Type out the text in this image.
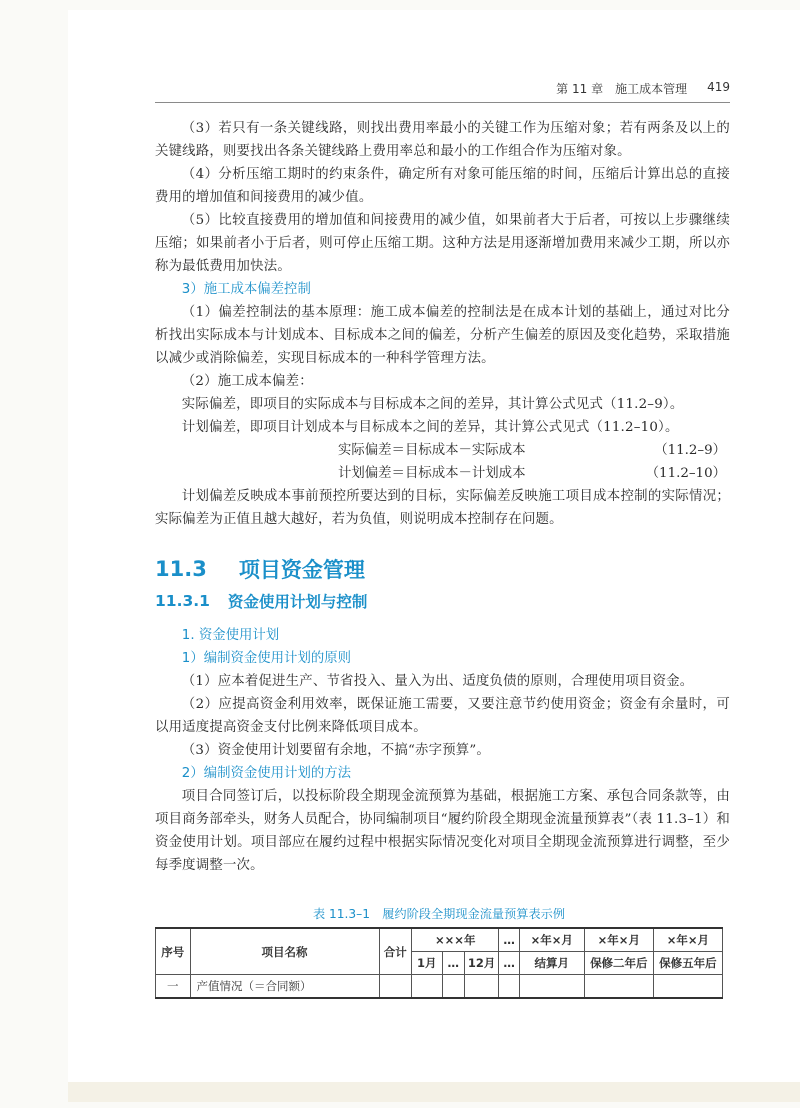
第 11 章 施工成本管理 419

（3）若只有一条关键线路，则找出费用率最小的关键工作为压缩对象；若有两条及以上的关键线路，则要找出各条关键线路上费用率总和最小的工作组合作为压缩对象。

（4）分析压缩工期时的约束条件，确定所有对象可能压缩的时间，压缩后计算出总的直接费用的增加值和间接费用的减少值。

（5）比较直接费用的增加值和间接费用的减少值，如果前者大于后者，可按以上步骤继续压缩；如果前者小于后者，则可停止压缩工期。这种方法是用逐渐增加费用来减少工期，所以亦称为最低费用加快法。

3）施工成本偏差控制

（1）偏差控制法的基本原理：施工成本偏差的控制法是在成本计划的基础上，通过对比分析找出实际成本与计划成本、目标成本之间的偏差，分析产生偏差的原因及变化趋势，采取措施以减少或消除偏差，实现目标成本的一种科学管理方法。

（2）施工成本偏差：

实际偏差，即项目的实际成本与目标成本之间的差异，其计算公式见式（11.2–9）。

计划偏差，即项目计划成本与目标成本之间的差异，其计算公式见式（11.2–10）。

实际偏差＝目标成本－实际成本	（11.2–9）
计划偏差＝目标成本－计划成本	（11.2–10）

计划偏差反映成本事前预控所要达到的目标，实际偏差反映施工项目成本控制的实际情况；实际偏差为正值且越大越好，若为负值，则说明成本控制存在问题。

11.3 项目资金管理
11.3.1 资金使用计划与控制

1. 资金使用计划

1）编制资金使用计划的原则

（1）应本着促进生产、节省投入、量入为出、适度负债的原则，合理使用项目资金。

（2）应提高资金利用效率，既保证施工需要，又要注意节约使用资金；资金有余量时，可以用适度提高资金支付比例来降低项目成本。

（3）资金使用计划要留有余地，不搞“赤字预算”。

2）编制资金使用计划的方法

项目合同签订后，以投标阶段全期现金流预算为基础，根据施工方案、承包合同条款等，由项目商务部牵头，财务人员配合，协同编制项目“履约阶段全期现金流量预算表”（表 11.3–1）和资金使用计划。项目部应在履约过程中根据实际情况变化对项目全期现金流预算进行调整，至少每季度调整一次。

表 11.3–1　履约阶段全期现金流量预算表示例
序号	项目名称	合计	×××年			…	×年×月	×年×月	×年×月
			1月	…	12月	…	结算月	保修二年后	保修五年后
一	产值情况（＝合同额）								
